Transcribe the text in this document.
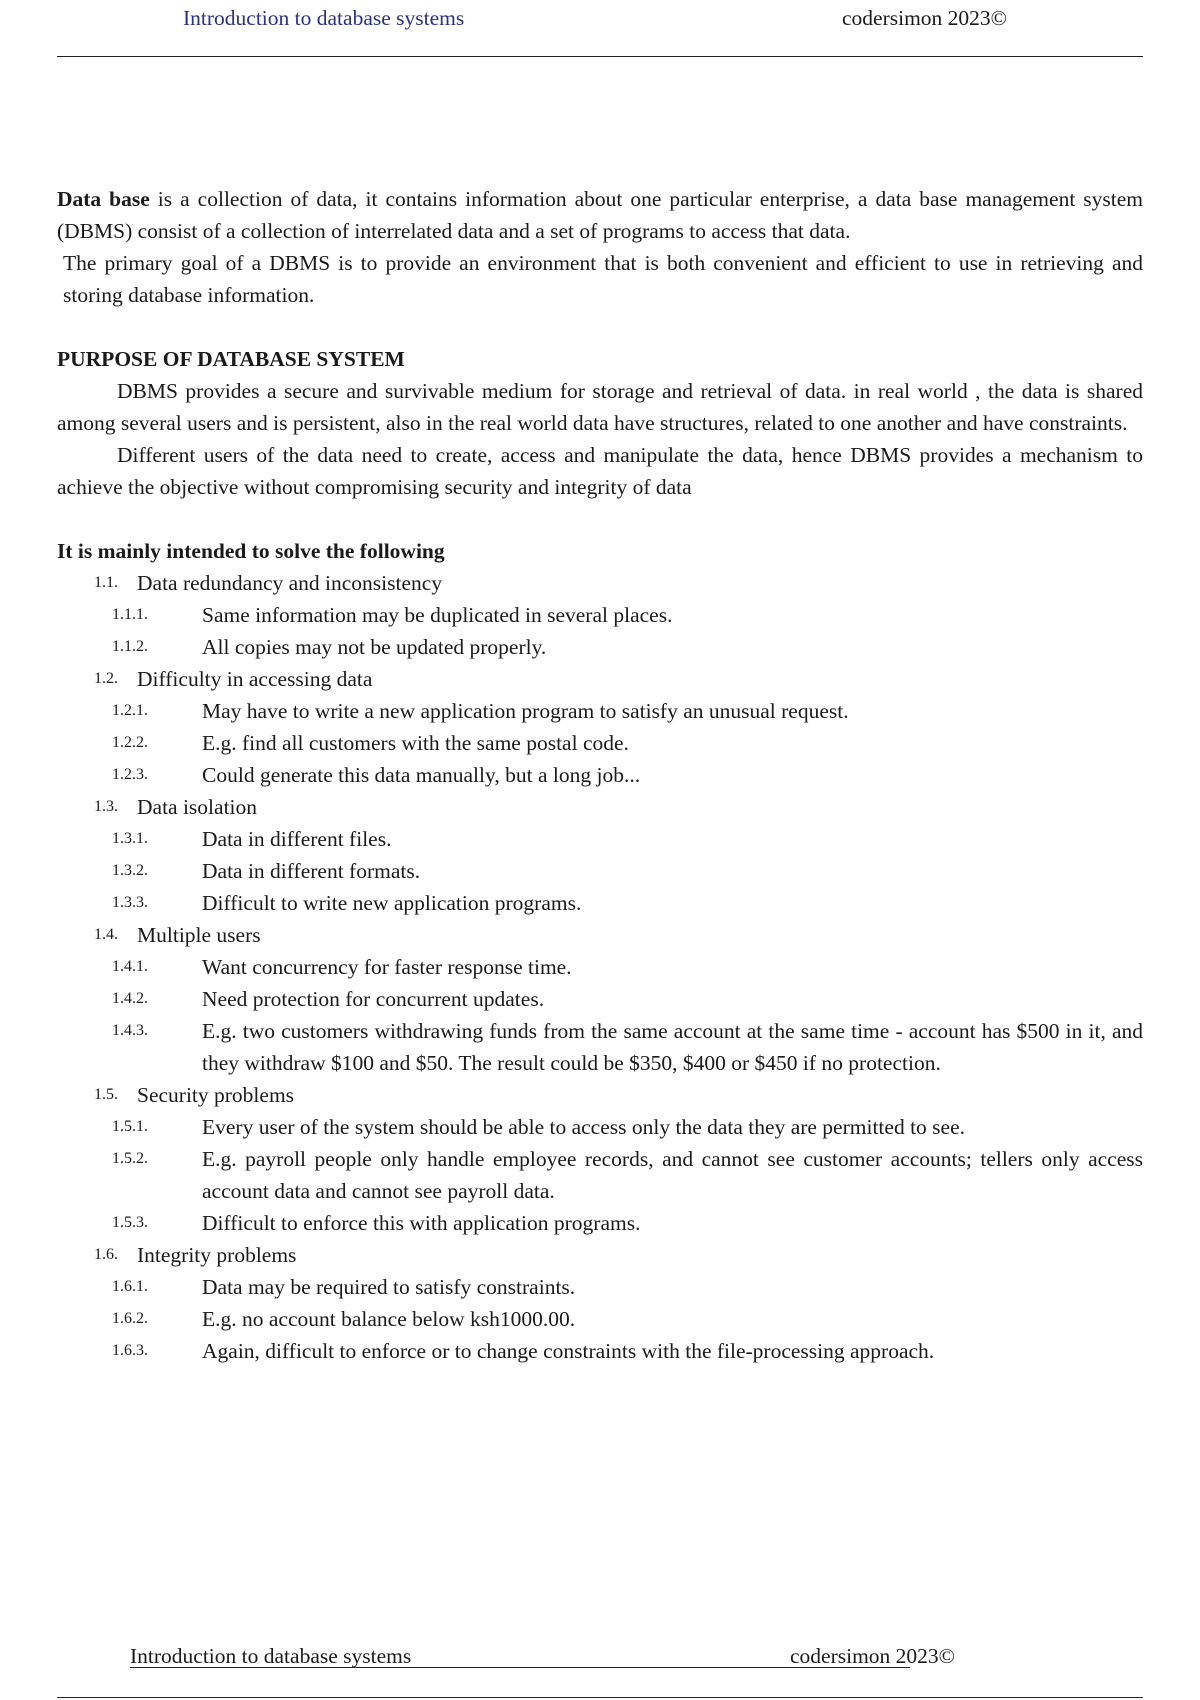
Introduction to database systems	codersimon 2023©

Data base is a collection of data, it contains information about one particular enterprise, a data base management system (DBMS) consist of a collection of interrelated data and a set of programs to access that data.

The primary goal of a DBMS is to provide an environment that is both convenient and efficient to use in retrieving and storing database information.

PURPOSE OF DATABASE SYSTEM

DBMS provides a secure and survivable medium for storage and retrieval of data. in real world , the data is shared among several users and is persistent, also in the real world data have structures, related to one another and have constraints.

Different users of the data need to create, access and manipulate the data, hence DBMS provides a mechanism to achieve the objective without compromising security and integrity of data

It is mainly intended to solve the following
1.1. Data redundancy and inconsistency
1.1.1.	Same information may be duplicated in several places.
1.1.2.	All copies may not be updated properly.
1.2. Difficulty in accessing data
1.2.1.	May have to write a new application program to satisfy an unusual request.
1.2.2.	E.g. find all customers with the same postal code.
1.2.3.	Could generate this data manually, but a long job...
1.3. Data isolation
1.3.1.	Data in different files.
1.3.2.	Data in different formats.
1.3.3.	Difficult to write new application programs.
1.4. Multiple users
1.4.1.	Want concurrency for faster response time.
1.4.2.	Need protection for concurrent updates.
1.4.3.	E.g. two customers withdrawing funds from the same account at the same time - account has $500 in it, and they withdraw $100 and $50. The result could be $350, $400 or $450 if no protection.
1.5. Security problems
1.5.1.	Every user of the system should be able to access only the data they are permitted to see.
1.5.2.	E.g. payroll people only handle employee records, and cannot see customer accounts; tellers only access account data and cannot see payroll data.
1.5.3.	Difficult to enforce this with application programs.
1.6. Integrity problems
1.6.1.	Data may be required to satisfy constraints.
1.6.2.	E.g. no account balance below ksh1000.00.
1.6.3.	Again, difficult to enforce or to change constraints with the file-processing approach.
Introduction to database systems	codersimon 2023©
